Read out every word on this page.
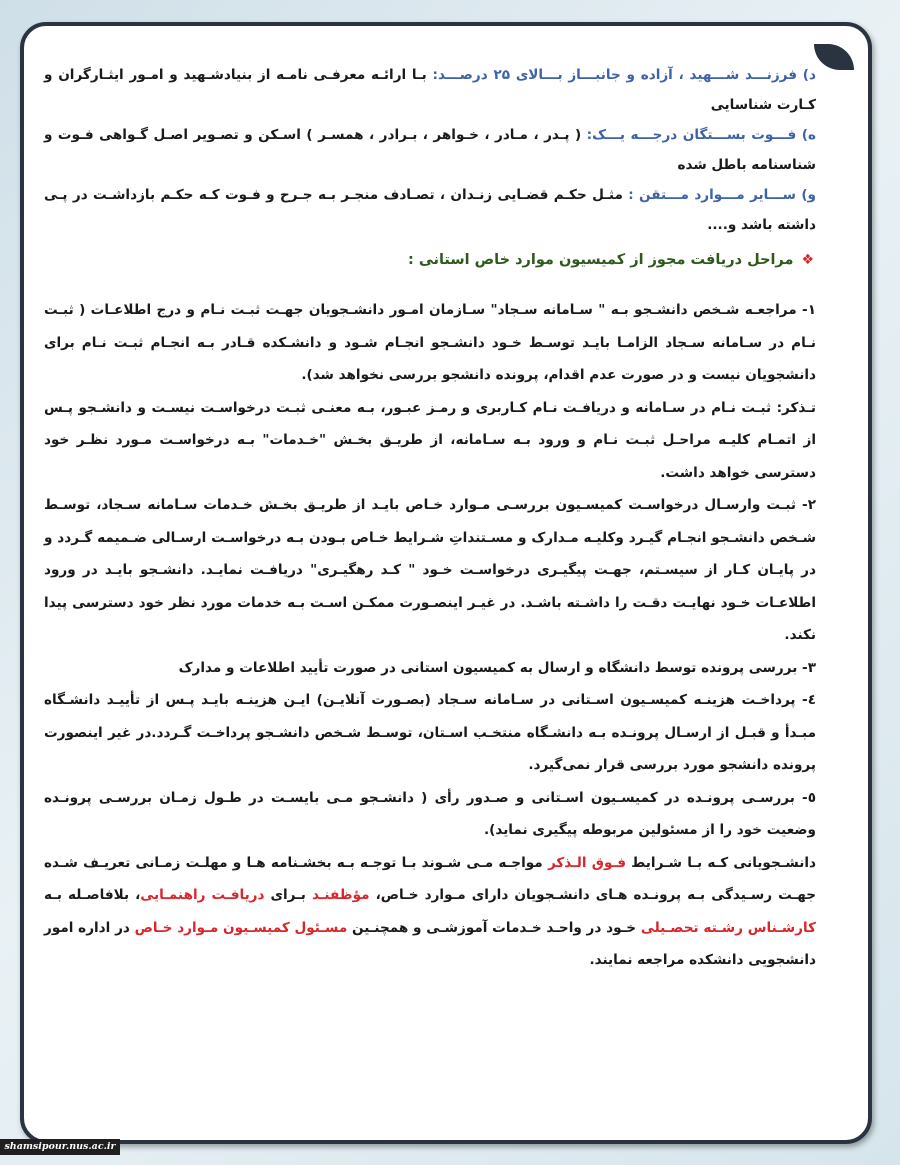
د) فرزنـــد شـــهید ، آزاده و جانبـــاز بـــالای ۲۵ درصـــد: بـا ارائـه معرفـی نامـه از بنیادشـهید و امـور ایثـارگران و کـارت شناسایی
ه) فـــوت بســـتگان درجـــه یـــک: ( پـدر ، مـادر ، خـواهر ، بـرادر ، همسـر ) اسـکن و تصـویر اصـل گـواهی فـوت و شناسنامه باطل شده
و) ســـایر مـــوارد مـــتقن : مثـل حکـم قضـایی زنـدان ، تصـادف منجـر بـه جـرح و فـوت کـه حکـم بازداشـت در پـی داشته باشد و....
❖
مراحل دریافت مجوز از کمیسیون موارد خاص استانی :
۱- مراجعـه شـخص دانشـجو بـه " سـامانه سـجاد" سـازمان امـور دانشـجویان جهـت ثبـت نـام و درج اطلاعـات ( ثبـت نـام در سـامانه سـجاد الزامـا بایـد توسـط خـود دانشـجو انجـام شـود و دانشـکده قـادر بـه انجـام ثبـت نـام برای دانشجویان نیست و در صورت عدم اقدام، پرونده دانشجو بررسی نخواهد شد).
تـذکر: ثبـت نـام در سـامانه و دریافـت نـام کـاربری و رمـز عبـور، بـه معنـی ثبـت درخواسـت نیسـت و دانشـجو پـس از اتمـام کلیـه مراحـل ثبـت نـام و ورود بـه سـامانه، از طریـق بخـش "خـدمات" بـه درخواسـت مـورد نظـر خود دسترسی خواهد داشت.
۲- ثبـت وارسـال درخواسـت کمیسـیون بررسـی مـوارد خـاص بایـد از طریـق بخـش خـدمات سـامانه سـجاد، توسـط شـخص دانشـجو انجـام گیـرد وکلیـه مـدارک و مسـتنداتِ شـرایط خـاص بـودن بـه درخواسـت ارسـالی ضـمیمه گـردد و در پایـان کـار از سیسـتم، جهـت پیگیـری درخواسـت خـود " کـد رهگیـری" دریافـت نمایـد. دانشـجو بایـد در ورود اطلاعـات خـود نهایـت دقـت را داشـته باشـد. در غیـر اینصـورت ممکـن اسـت بـه خدمات مورد نظر خود دسترسی پیدا نکند.
۳- بررسی پرونده توسط دانشگاه و ارسال به کمیسیون استانی در صورت تأیید اطلاعات و مدارک
٤- پرداخـت هزینـه کمیسـیون اسـتانی در سـامانه سـجاد (بصـورت آنلایـن) ایـن هزینـه بایـد پـس از تأییـد دانشـگاه مبـدأ و قبـل از ارسـال پرونـده بـه دانشـگاه منتخـب اسـتان، توسـط شـخص دانشـجو پرداخـت گـردد.در غیر اینصورت پرونده دانشجو مورد بررسی قرار نمی‌گیرد.
٥- بررسـی پرونـده در کمیسـیون اسـتانی و صـدور رأی ( دانشـجو مـی بایسـت در طـول زمـان بررسـی پرونـده وضعیت خود را از مسئولین مربوطه پیگیری نماید).
دانشـجویانی کـه بـا شـرایط فـوق الـذکر مواجـه مـی شـوند بـا توجـه بـه بخشـنامه هـا و مهلـت زمـانی تعریـف شـده جهـت رسـیدگی بـه پرونـده هـای دانشـجویان دارای مـوارد خـاص، مؤظفنـد بـرای دریافـت راهنمـایی، بلافاصـله بـه کارشـناس رشـته تحصـیلی خـود در واحـد خـدمات آموزشـی و همچنـین مسـئول کمیسـیون مـوارد خـاص در اداره امور دانشجویی دانشکده مراجعه نمایند.
shamsipour.nus.ac.ir
